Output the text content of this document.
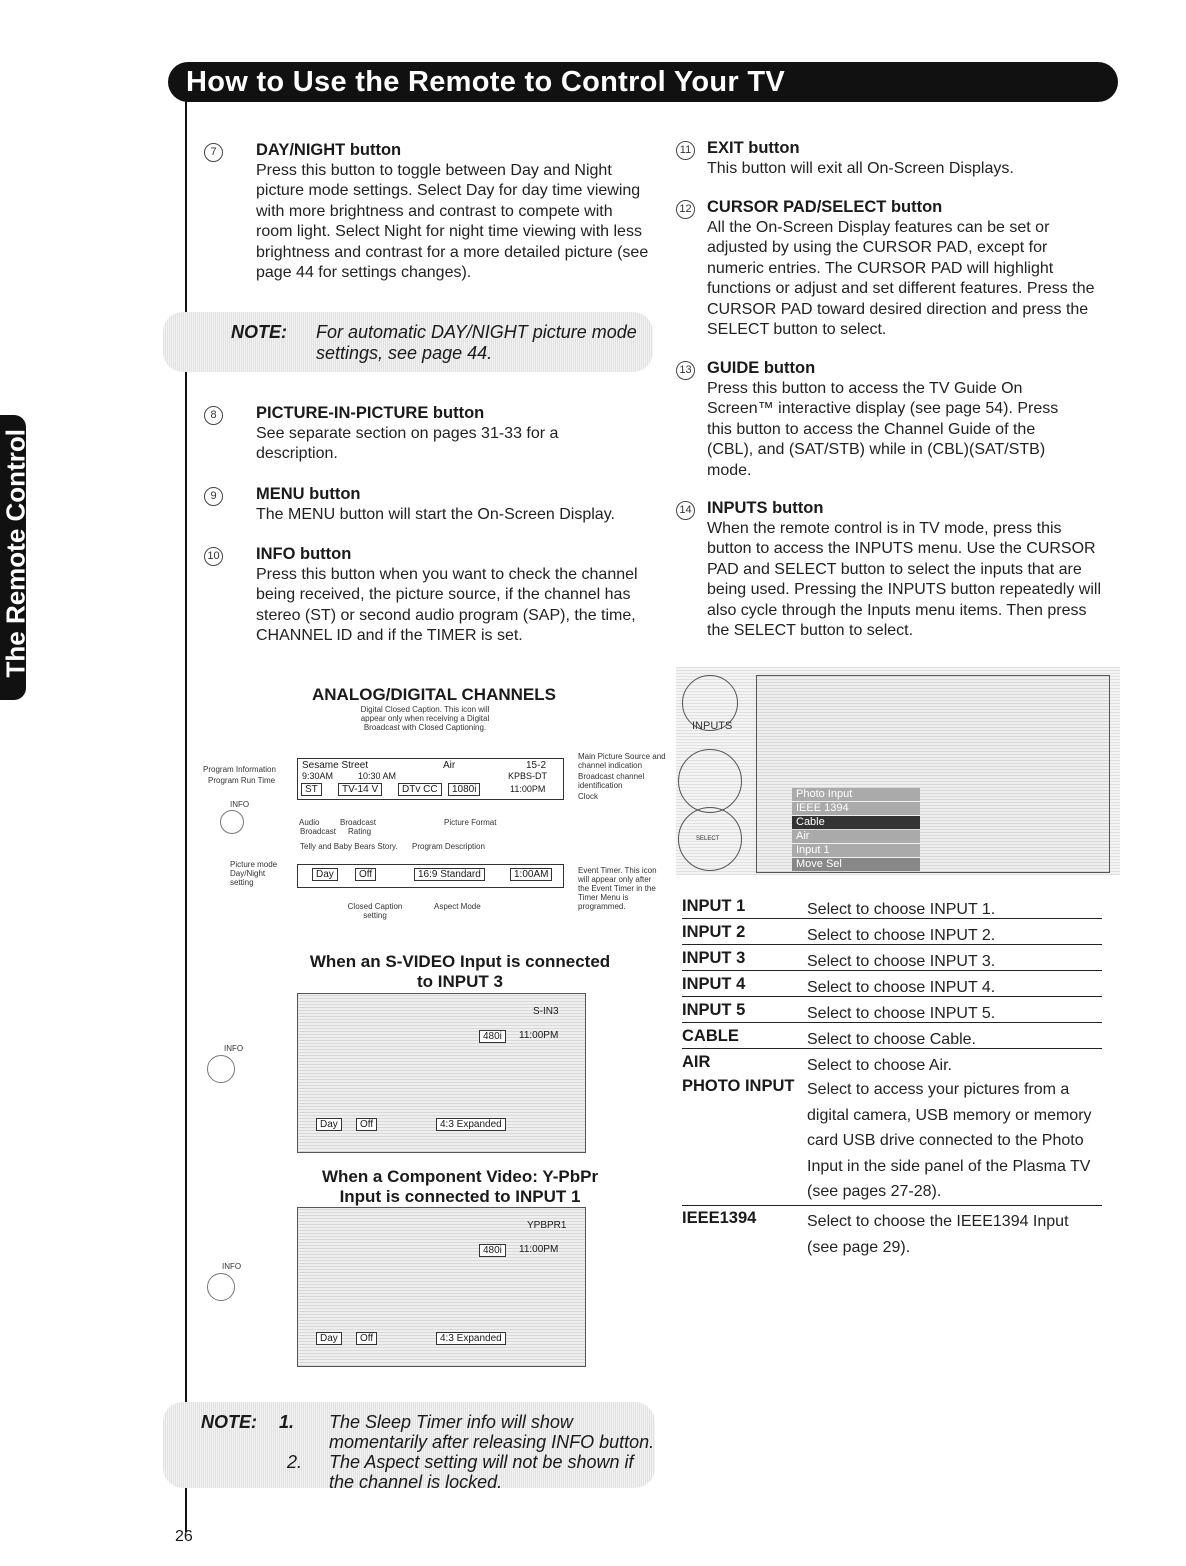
How to Use the Remote to Control Your TV
The Remote Control
7	DAY/NIGHT button
Press this button to toggle between Day and Night picture mode settings. Select Day for day time viewing with more brightness and contrast to compete with room light. Select Night for night time viewing with less brightness and contrast for a more detailed picture (see page 44 for settings changes).
NOTE: For automatic DAY/NIGHT picture mode settings, see page 44.
8	PICTURE-IN-PICTURE button
See separate section on pages 31-33 for a description.
9	MENU button
The MENU button will start the On-Screen Display.
10 INFO button
Press this button when you want to check the channel being received, the picture source, if the channel has stereo (ST) or second audio program (SAP), the time, CHANNEL ID and if the TIMER is set.
ANALOG/DIGITAL CHANNELS
Digital Closed Caption. This icon will appear only when receiving a Digital Broadcast with Closed Captioning.
Sesame Street	Air	15-2
9:30AM	10:30 AM	KPBS-DT
ST	TV-14 V	DTv CC	1080i	11:00PM
Program Information
Program Run Time
INFO
Audio	Broadcast
Broadcast Rating
Picture Format
Telly and Baby Bears Story. Program Description
Main Picture Source and channel indication
Broadcast channel identification
Clock
Picture mode Day/Night setting
Day	Off	16:9 Standard	1:00AM	Event Timer. This icon will appear only after the Event Timer in the Timer Menu is programmed.
Closed Caption setting
Aspect Mode
When an S-VIDEO Input is connected
to INPUT 3
INFO
S-IN3
480i	11:00PM
Day	Off	4:3 Expanded
When a Component Video: Y-PbPr
Input is connected to INPUT 1
INFO
YPBPR1
480i	11:00PM
Day	Off	4:3 Expanded
NOTE: 1. The Sleep Timer info will show
momentarily after releasing INFO button.
2. The Aspect setting will not be shown if
the channel is locked.
26
11 EXIT button
This button will exit all On-Screen Displays.
12 CURSOR PAD/SELECT button
All the On-Screen Display features can be set or adjusted by using the CURSOR PAD, except for numeric entries. The CURSOR PAD will highlight functions or adjust and set different features. Press the CURSOR PAD toward desired direction and press the SELECT button to select.
13 GUIDE button
Press this button to access the TV Guide On Screen™ interactive display (see page 54). Press this button to access the Channel Guide of the (CBL), and (SAT/STB) while in (CBL)(SAT/STB) mode.
14 INPUTS button
When the remote control is in TV mode, press this button to access the INPUTS menu. Use the CURSOR PAD and SELECT button to select the inputs that are being used. Pressing the INPUTS button repeatedly will also cycle through the Inputs menu items. Then press the SELECT button to select.
INPUTS
SELECT
Photo Input
IEEE 1394
Cable
Air
Input 1
Move Sel
INPUT 1	Select to choose INPUT 1.
INPUT 2	Select to choose INPUT 2.
INPUT 3	Select to choose INPUT 3.
INPUT 4	Select to choose INPUT 4.
INPUT 5	Select to choose INPUT 5.
CABLE	Select to choose Cable.
AIR	Select to choose Air.
PHOTO INPUT Select to access your pictures from a digital camera, USB memory or memory card USB drive connected to the Photo Input in the side panel of the Plasma TV (see pages 27-28).
IEEE1394	Select to choose the IEEE1394 Input (see page 29).
